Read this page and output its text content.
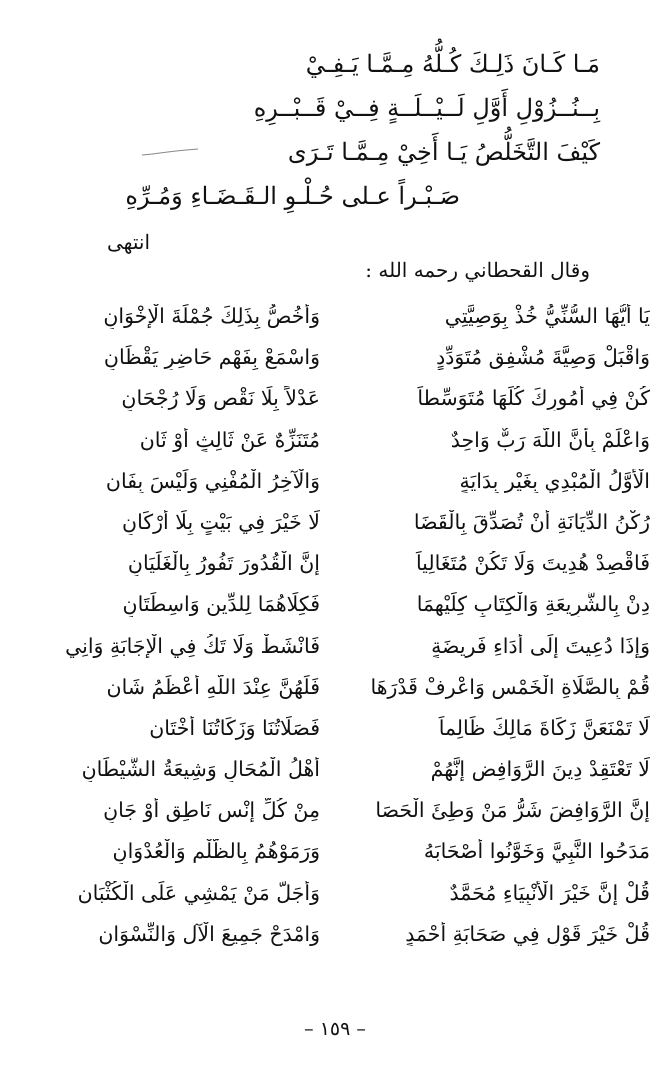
مَـا كَـانَ ذَلِـكَ كُـلُّهُ مِـمَّـا يَـفِـيْ
بِــنُــزُوْلِ أَوَّلِ لَــيْــلَــةٍ فِــيْ قَــبْــرِهِ
كَيْفَ التَّخَلُّصُ يَـا أَخِيْ مِـمَّـا تَـرَى
صَـبْـراً عـلى حُـلْـوِ الـقَـضَـاءِ وَمُـرِّهِ
انتهى
وقال القحطاني رحمه الله :
يَا أَيُّهَا السُّنِّيُّ خُذْ بِوَصِيَّتِي
وَأَخُصُّ بِذَلِكَ جُمْلَةَ الْإِخْوَانِ
وَاقْبَلْ وَصِيَّةَ مُشْفِقٍ مُتَوَدِّدٍ
وَاسْمَعْ بِفَهْمٍ حَاضِرٍ يَقْظَانِ
كُنْ فِي أُمُورِكَ كُلِّهَا مُتَوَسِّطاً
عَدْلاً بِلَا نَقْصٍ وَلَا رُجْحَانِ
وَاعْلَمْ بِأَنَّ اللَّهَ رَبٌّ وَاحِدٌ
مُتَنَزِّهٌ عَنْ ثَالِثٍ أَوْ ثَانِ
الْأَوَّلُ الْمُبْدِي بِغَيْرِ بِدَايَةٍ
وَالْآخِرُ الْمُفْنِي وَلَيْسَ بِفَانِ
رُكْنُ الدِّيَانَةِ أَنْ تُصَدِّقَ بِالْقَضَا
لَا خَيْرَ فِي بَيْتٍ بِلَا أَرْكَانِ
فَاقْصِدْ هُدِيتَ وَلَا تَكُنْ مُتَغَالِياً
إِنَّ الْقُدُورَ تَفُورُ بِالْغَلَيَانِ
دِنْ بِالشَّرِيعَةِ وَالْكِتَابِ كِلَيْهِمَا
فَكِلَاهُمَا لِلدِّينِ وَاسِطَتَانِ
وَإِذَا دُعِيتَ إِلَى أَدَاءِ فَرِيضَةٍ
فَانْشَطْ وَلَا تَكُ فِي الْإِجَابَةِ وَانِي
قُمْ بِالصَّلَاةِ الْخَمْسِ وَاعْرِفْ قَدْرَهَا
فَلَهُنَّ عِنْدَ اللَّهِ أَعْظَمُ شَانِ
لَا تَمْنَعَنَّ زَكَاةَ مَالِكَ ظَالِماً
فَصَلَاتُنَا وَزَكَاتُنَا أُخْتَانِ
لَا تَعْتَقِدْ دِينَ الرَّوَافِضِ إِنَّهُمْ
أَهْلُ الْمُحَالِ وَشِيعَةُ الشَّيْطَانِ
إِنَّ الرَّوَافِضَ شَرُّ مَنْ وَطِئَ الْحَصَا
مِنْ كُلِّ إِنْسٍ نَاطِقٍ أَوْ جَانِ
مَدَحُوا النَّبِيَّ وَخَوَّنُوا أَصْحَابَهُ
وَرَمَوْهُمُ بِالظُّلْمِ وَالْعُدْوَانِ
قُلْ إِنَّ خَيْرَ الْأَنْبِيَاءِ مُحَمَّدٌ
وَأَجَلَّ مَنْ يَمْشِي عَلَى الْكُثْبَانِ
قُلْ خَيْرَ قَوْلٍ فِي صَحَابَةِ أَحْمَدٍ
وَامْدَحْ جَمِيعَ الْآلِ وَالنِّسْوَانِ
– ١٥٩ –
